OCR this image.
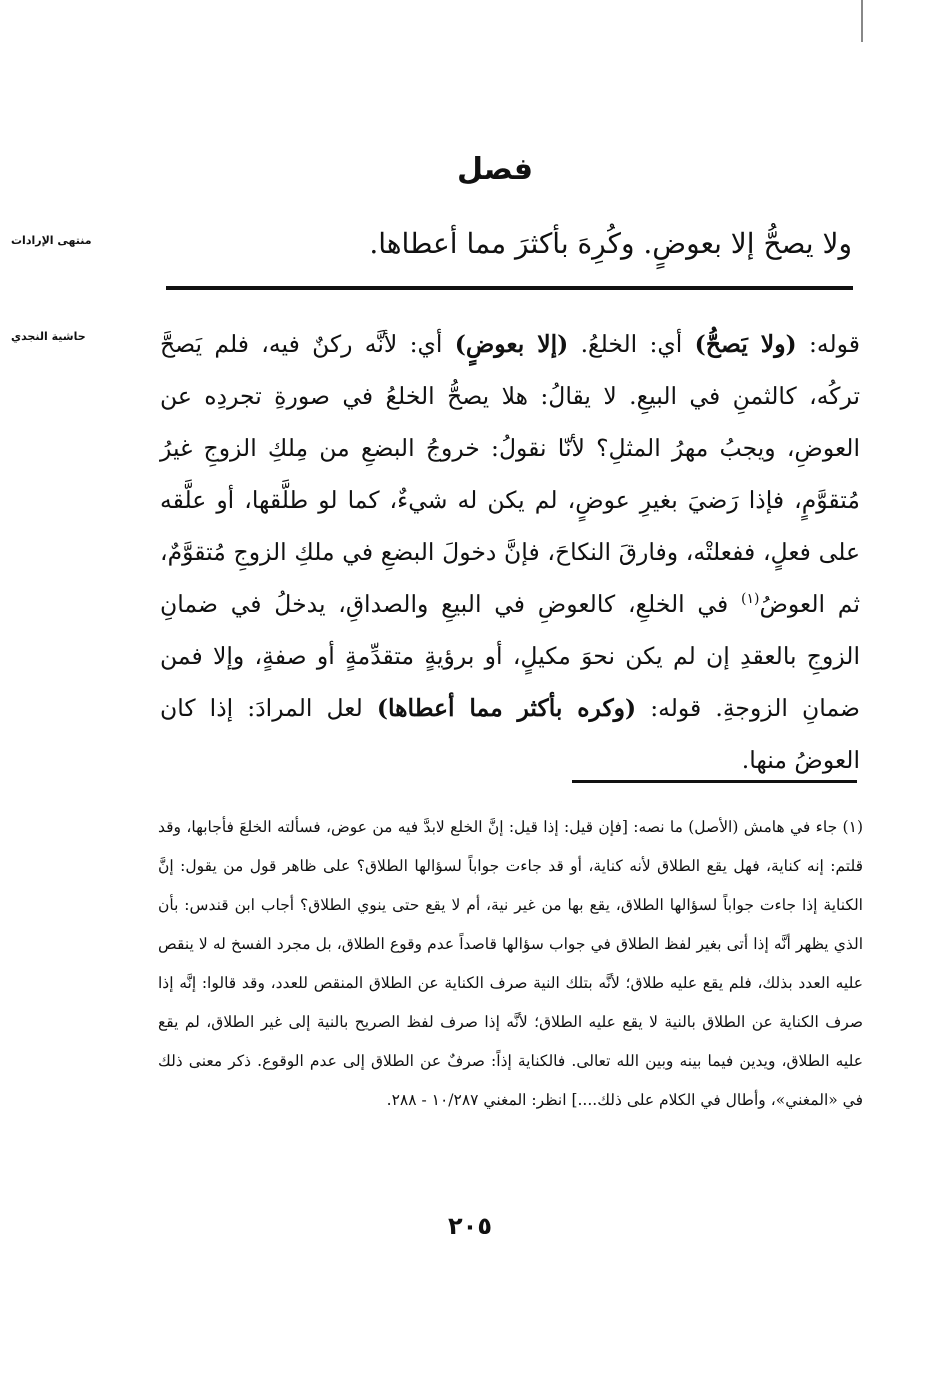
فصل
منتهى الإرادات	ولا يصحُّ إلا بعوضٍ. وكُرِهَ بأكثرَ مما أعطاها.
حاشية النجدي	قوله: (ولا يَصحُّ) أي: الخلعُ. (إلا بعوضٍ) أي: لأنَّه ركنٌ فيه، فلم يَصحَّ تركُه، كالثمنِ في البيعِ. لا يقالُ: هلا يصحُّ الخلعُ في صورةِ تجردِه عن العوضِ، ويجبُ مهرُ المثلِ؟ لأنّا نقولُ: خروجُ البضعِ من مِلكِ الزوجِ غيرُ مُتقوَّمٍ، فإذا رَضيَ بغيرِ عوضٍ، لم يكن له شيءٌ، كما لو طلَّقها، أو علَّقه على فعلٍ، ففعلتْه، وفارقَ النكاحَ، فإنَّ دخولَ البضعِ في ملكِ الزوجِ مُتقوَّمٌ، ثم العوضُ$^{(١)}$ في الخلعِ، كالعوضِ في البيعِ والصداقِ، يدخلُ في ضمانِ الزوجِ بالعقدِ إن لم يكن نحوَ مكيلٍ، أو برؤيةٍ متقدِّمةٍ أو صفةٍ، وإلا فمن ضمانِ الزوجةِ. قوله: (وكره بأكثر مما أعطاها) لعل المرادَ: إذا كان العوضُ منها.
(١) جاء في هامش (الأصل) ما نصه: [فإن قيل: إذا قيل: إنَّ الخلع لابدَّ فيه من عوض، فسألته الخلعَ فأجابها، وقد قلتم: إنه كناية، فهل يقع الطلاق لأنه كناية، أو قد جاءت جواباً لسؤالها الطلاق؟ على ظاهر قول من يقول: إنَّ الكناية إذا جاءت جواباً لسؤالها الطلاق، يقع بها من غير نية، أم لا يقع حتى ينوي الطلاق؟ أجاب ابن قندس: بأن الذي يظهر أنَّه إذا أتى بغير لفظ الطلاق في جواب سؤالها قاصداً عدم وقوع الطلاق، بل مجرد الفسخ له لا ينقص عليه العدد بذلك، فلم يقع عليه طلاق؛ لأنَّه بتلك النية صرف الكناية عن الطلاق المنقص للعدد، وقد قالوا: إنَّه إذا صرف الكناية عن الطلاق بالنية لا يقع عليه الطلاق؛ لأنَّه إذا صرف لفظ الصريح بالنية إلى غير الطلاق، لم يقع عليه الطلاق، ويدين فيما بينه وبين الله تعالى. فالكناية إذاً: صرفٌ عن الطلاق إلى عدم الوقوع. ذكر معنى ذلك في «المغني»، وأطال في الكلام على ذلك....] انظر: المغني ١٠/٢٨٧ - ٢٨٨.
٢٠٥
